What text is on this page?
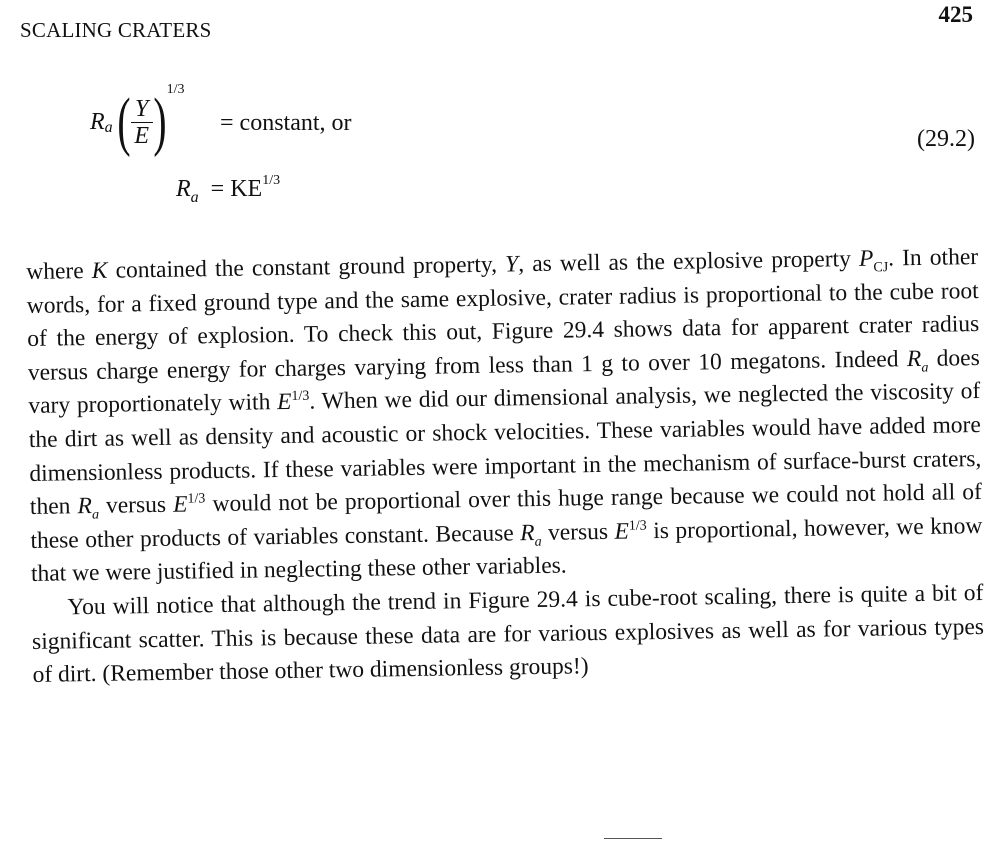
SCALING CRATERS
425
R a ( $\frac{Y}{E}$ ) 1/3
= constant, or
$R_a = KE^{1/3}$
(29.2)

where K contained the constant ground property, Y, as well as the explosive property $P_{CJ}$. In other words, for a fixed ground type and the same explosive, crater radius is proportional to the cube root of the energy of explosion. To check this out, Figure 29.4 shows data for apparent crater radius versus charge energy for charges varying from less than 1 g to over 10 megatons. Indeed $R_a$ does vary proportionately with $E^{1/3}$. When we did our dimensional analysis, we neglected the viscosity of the dirt as well as density and acoustic or shock velocities. These variables would have added more dimensionless products. If these variables were important in the mechanism of surface-burst craters, then $R_a$ versus $E^{1/3}$ would not be proportional over this huge range because we could not hold all of these other products of variables constant. Because $R_a$ versus $E^{1/3}$ is proportional, however, we know that we were justified in neglecting these other variables.

You will notice that although the trend in Figure 29.4 is cube-root scaling, there is quite a bit of significant scatter. This is because these data are for various explosives as well as for various types of dirt. (Remember those other two dimensionless groups!)
